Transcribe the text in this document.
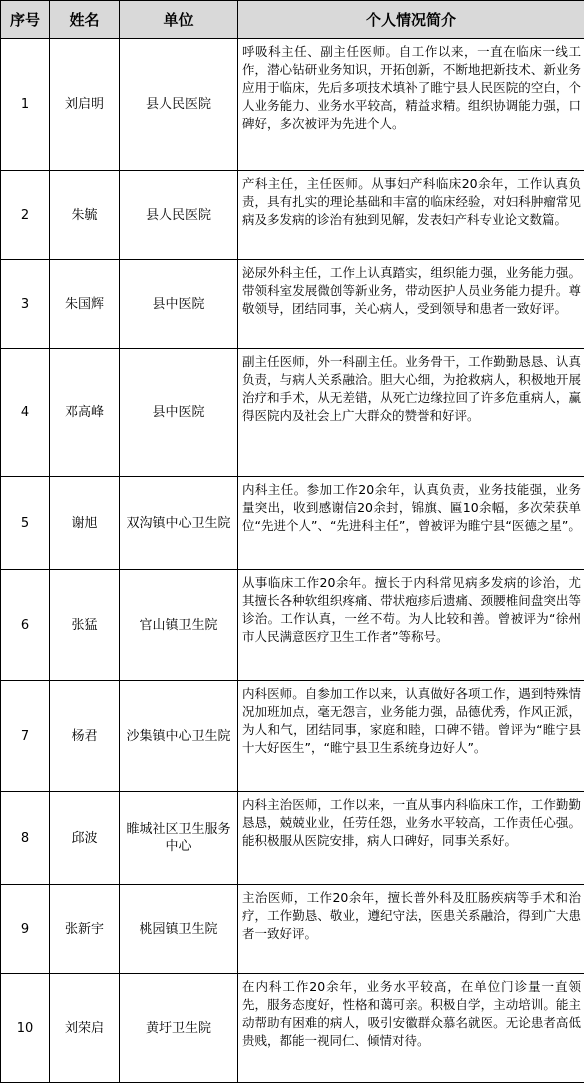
序号	姓名	单位	个人情况简介
1	刘启明	县人民医院	呼吸科主任、副主任医师。自工作以来，一直在临床一线工作，潜心钻研业务知识，开拓创新，不断地把新技术、新业务应用于临床，先后多项技术填补了睢宁县人民医院的空白，个人业务能力、业务水平较高，精益求精。组织协调能力强，口碑好，多次被评为先进个人。
2	朱毓	县人民医院	产科主任，主任医师。从事妇产科临床20余年，工作认真负责，具有扎实的理论基础和丰富的临床经验，对妇科肿瘤常见病及多发病的诊治有独到见解，发表妇产科专业论文数篇。
3	朱国辉	县中医院	泌尿外科主任，工作上认真踏实，组织能力强，业务能力强。带领科室发展微创等新业务，带动医护人员业务能力提升。尊敬领导，团结同事，关心病人，受到领导和患者一致好评。
4	邓高峰	县中医院	副主任医师，外一科副主任。业务骨干，工作勤勤恳恳、认真负责，与病人关系融洽。胆大心细，为抢救病人，积极地开展治疗和手术，从无差错，从死亡边缘拉回了许多危重病人，赢得医院内及社会上广大群众的赞誉和好评。
5	谢旭	双沟镇中心卫生院	内科主任。参加工作20余年，认真负责，业务技能强，业务量突出，收到感谢信20余封，锦旗、匾10余幅，多次荣获单位“先进个人”、“先进科主任”，曾被评为睢宁县“医德之星”。
6	张猛	官山镇卫生院	从事临床工作20余年。擅长于内科常见病多发病的诊治，尤其擅长各种软组织疼痛、带状疱疹后遗痛、颈腰椎间盘突出等诊治。工作认真，一丝不苟。为人比较和善。曾被评为“徐州市人民满意医疗卫生工作者”等称号。
7	杨君	沙集镇中心卫生院	内科医师。自参加工作以来，认真做好各项工作，遇到特殊情况加班加点，毫无怨言，业务能力强，品德优秀，作风正派，为人和气，团结同事，家庭和睦，口碑不错。曾评为“睢宁县十大好医生”，“睢宁县卫生系统身边好人”。
8	邱波	睢城社区卫生服务中心	内科主治医师，工作以来，一直从事内科临床工作，工作勤勤恳恳，兢兢业业，任劳任怨，业务水平较高，工作责任心强。能积极服从医院安排，病人口碑好，同事关系好。
9	张新宇	桃园镇卫生院	主治医师，工作20余年，擅长普外科及肛肠疾病等手术和治疗，工作勤恳、敬业，遵纪守法，医患关系融洽，得到广大患者一致好评。
10	刘荣启	黄圩卫生院	在内科工作20余年，业务水平较高，在单位门诊量一直领先，服务态度好，性格和蔼可亲。积极自学，主动培训。能主动帮助有困难的病人，吸引安徽群众慕名就医。无论患者高低贵贱，都能一视同仁、倾情对待。
